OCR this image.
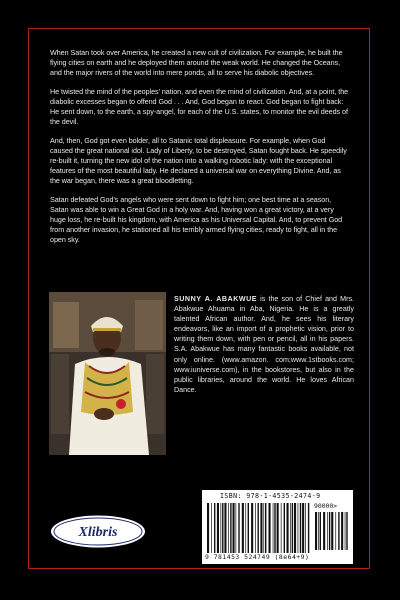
When Satan took over America, he created a new cult of civilization. For example, he built the flying cities on earth and he deployed them around the weak world. He changed the Oceans, and the major rivers of the world into mere ponds, all to serve his diabolic objectives.

He twisted the mind of the peoples' nation, and even the mind of civilization. And, at a point, the diabolic excesses began to offend God . . . And, God began to react. God began to fight back: He sent down, to the earth, a spy-angel, for each of the U.S. states, to monitor the evil deeds of the devil.

And, then, God got even bolder, all to Satanic total displeasure. For example, when God caused the great national idol. Lady of Liberty, to be destroyed, Satan fought back. He speedily re-built it, turning the new idol of the nation into a walking robotic lady: with the exceptional features of the most beautiful lady. He declared a universal war on everything Divine. And, as the war began, there was a great bloodletting.

Satan defeated God's angels who were sent down to fight him; one best time at a season, Satan was able to win a Great God in a holy war. And, having won a great victory, at a very huge loss, he re-built his kingdom, with America as his Universal Capital. And, to prevent God from another invasion, he stationed all his terribly armed flying cities, ready to fight, all in the open sky.

SUNNY A. ABAKWUE is the son of Chief and Mrs. Abakwue Ahuama in Aba, Nigeria. He is a greatly talented African author. And, he sees his literary endeavors, like an import of a prophetic vision, prior to writing them down, with pen or pencil, all in his papers. S.A. Abakwue has many fantastic books available, not only online. (www.amazon. com;www.1stbooks.com; www.iuniverse.com), in the bookstores, but also in the public libraries, around the world. He loves African Dance.
Xlibris
ISBN: 978-1-4535-2474-9
90000>
9 781453 524749 (8e64+9)
